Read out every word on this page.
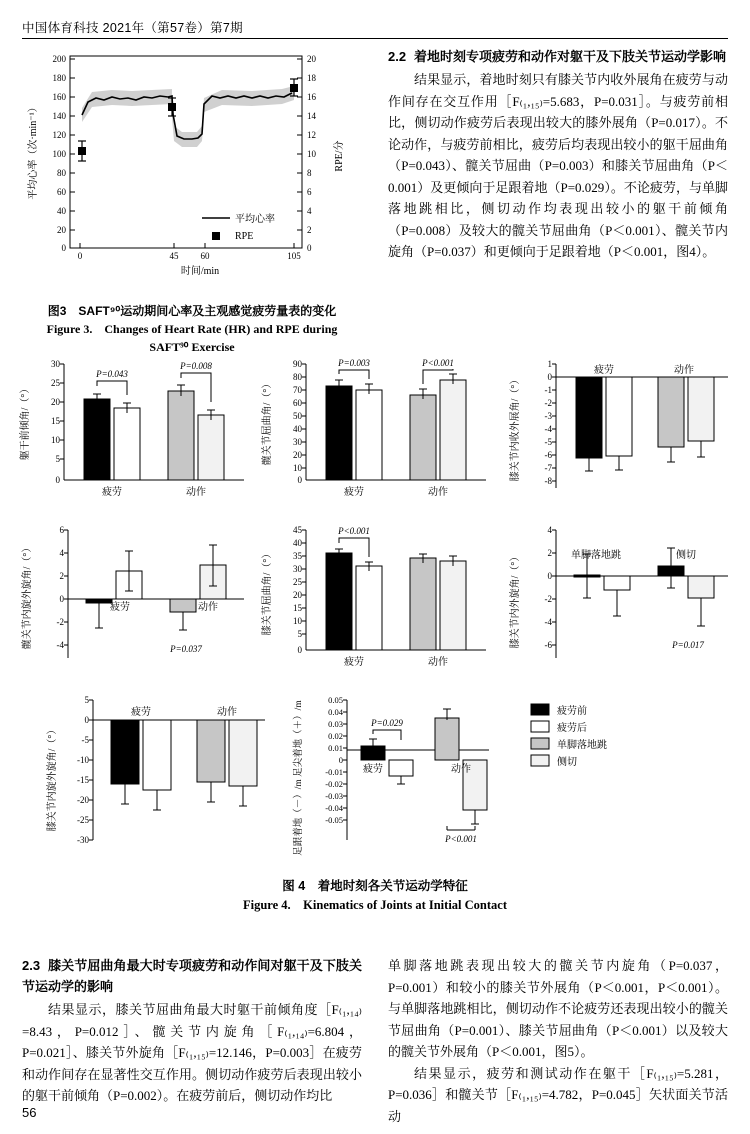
中国体育科技 2021年（第57卷）第7期
200
180
160
140
120
100
80
60
40
20
0
20
18
16
14
12
10
8
6
4
2
0
0	45 60	105
时间/min
平均心率（次·min⁻¹）	RPE/分
平均心率
RPE
图3　SAFT⁹⁰运动期间心率及主观感觉疲劳量表的变化
Figure 3.　Changes of Heart Rate (HR) and RPE during
SAFT⁹⁰ Exercise
2.2 着地时刻专项疲劳和动作对躯干及下肢关节运动学影响

结果显示，着地时刻只有膝关节内收外展角在疲劳与动作间存在交互作用［F₍₁,₁₅₎=5.683，P=0.031］。与疲劳前相比，侧切动作疲劳后表现出较大的膝外展角（P=0.017）。不论动作，与疲劳前相比，疲劳后均表现出较小的躯干屈曲角（P=0.043）、髋关节屈曲（P=0.003）和膝关节屈曲角（P＜0.001）及更倾向于足跟着地（P=0.029）。不论疲劳，与单脚落地跳相比，侧切动作均表现出较小的躯干前倾角（P=0.008）及较大的髋关节屈曲角（P＜0.001）、髋关节内旋角（P=0.037）和更倾向于足跟着地（P＜0.001，图4）。

30
25
20
15
10
5
0
躯干前倾角/（°）
P=0.043
P=0.008
疲劳	动作
90
80
70
60
50
40
30
20
10
0
髋关节屈曲角/（°）
P=0.003	P<0.001
疲劳	动作
1
0
-1
-2
-3
-4
-5
-6
-7
-8
膝关节内收外展角/（°）
疲劳	动作
6
4
2
0
-2
-4
髋关节内旋外旋角/（°）	疲劳	动作
P=0.037
45
40
35
30
25
20
15
10
5
0
膝关节屈曲角/（°）
P<0.001
疲劳	动作
4
2
0
-2
-4
-6
膝关节内外旋角/（°）	单脚落地跳	侧切
P=0.017
5
0
-5
-10
-15
-20
-25
-30
膝关节内旋外旋角/（°）
疲劳	动作
0.05
0.04
0.03
0.02
0.01
0
-0.01
-0.02
-0.03
-0.04
-0.05
足跟着地（－）/m 足尖着地（＋）/m	P=0.029
P<0.001
疲劳	动作
疲劳前
疲劳后
单脚落地跳
侧切
图 4　着地时刻各关节运动学特征
Figure 4.　Kinematics of Joints at Initial Contact
2.3 膝关节屈曲角最大时专项疲劳和动作间对躯干及下肢关节运动学的影响

结果显示，膝关节屈曲角最大时躯干前倾角度［F₍₁,₁₄₎=8.43，P=0.012］、髋关节内旋角［F₍₁,₁₄₎=6.804，P=0.021］、膝关节外旋角［F₍₁,₁₅₎=12.146，P=0.003］在疲劳和动作间存在显著性交互作用。侧切动作疲劳后表现出较小的躯干前倾角（P=0.002）。在疲劳前后，侧切动作均比

单脚落地跳表现出较大的髋关节内旋角（P=0.037，P=0.001）和较小的膝关节外展角（P＜0.001，P＜0.001）。与单脚落地跳相比，侧切动作不论疲劳还表现出较小的髋关节屈曲角（P=0.001）、膝关节屈曲角（P＜0.001）以及较大的髋关节外展角（P＜0.001，图5）。

结果显示，疲劳和测试动作在躯干［F₍₁,₁₅₎=5.281，P=0.036］和髋关节［F₍₁,₁₅₎=4.782，P=0.045］矢状面关节活动

56
